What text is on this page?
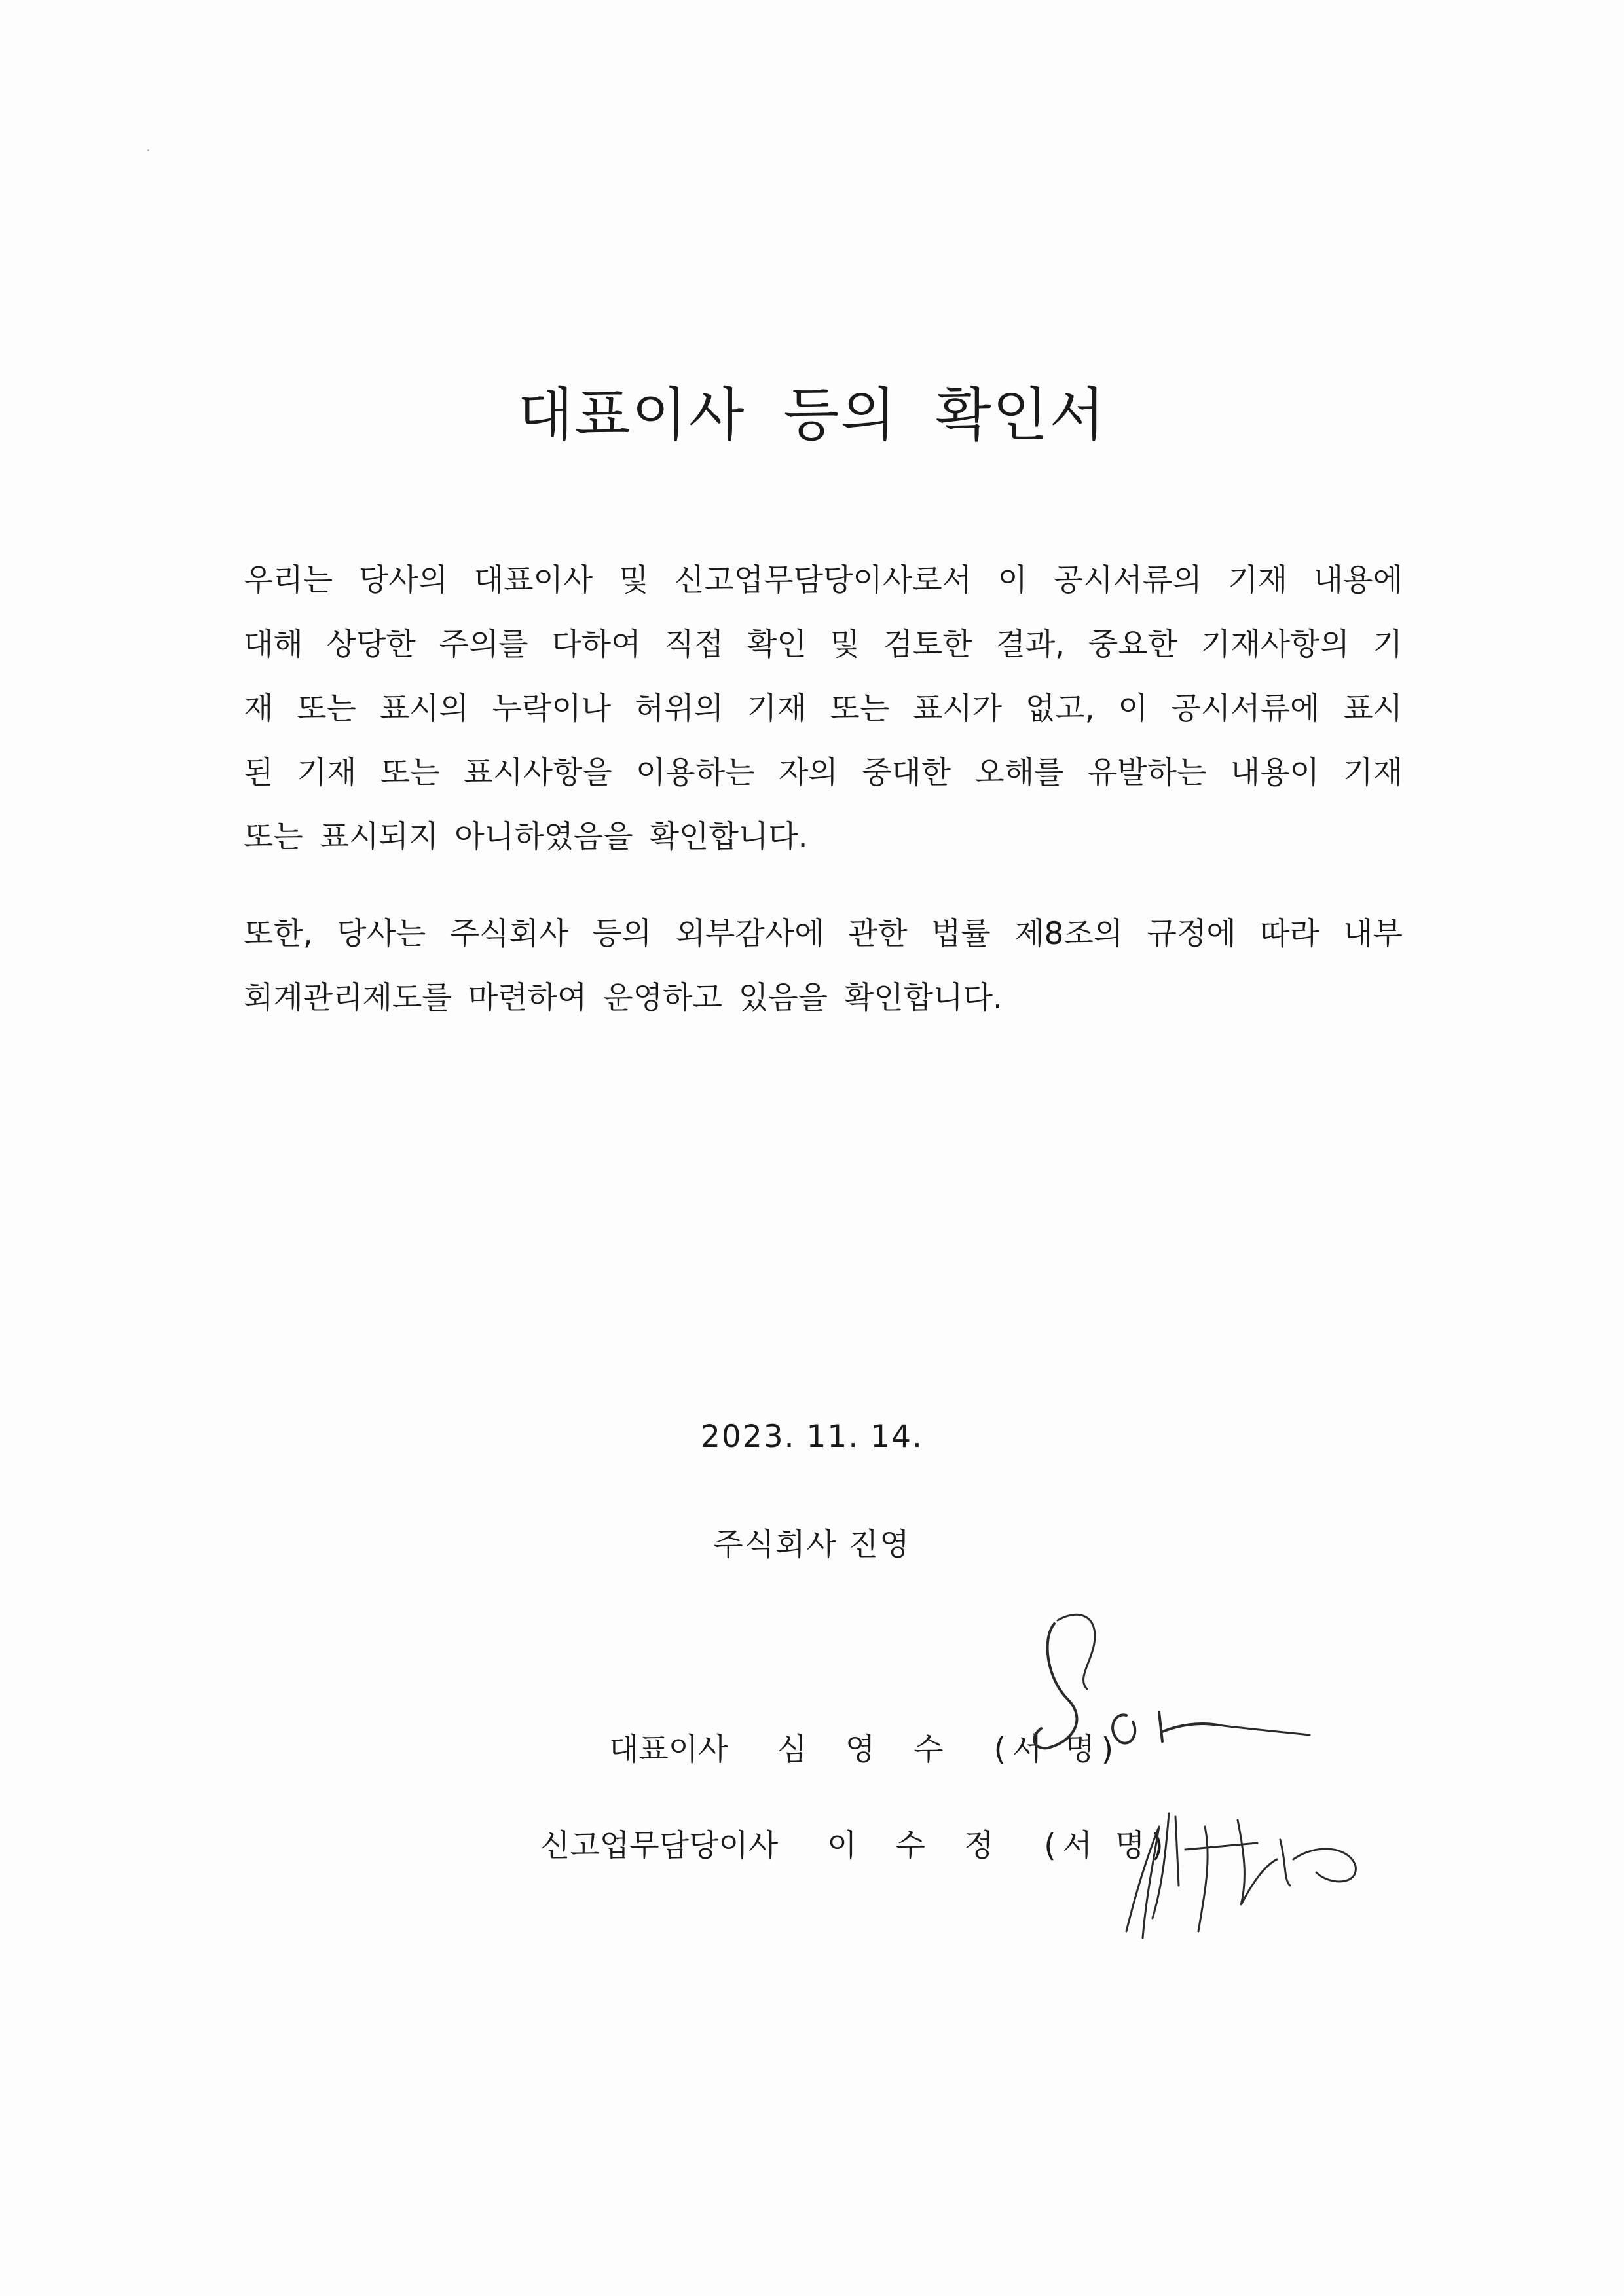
대표이사 등의 확인서
우리는 당사의 대표이사 및 신고업무담당이사로서 이 공시서류의 기재 내용에
대해 상당한 주의를 다하여 직접 확인 및 검토한 결과, 중요한 기재사항의 기
재 또는 표시의 누락이나 허위의 기재 또는 표시가 없고, 이 공시서류에 표시
된 기재 또는 표시사항을 이용하는 자의 중대한 오해를 유발하는 내용이 기재
또는 표시되지 아니하였음을 확인합니다.
또한, 당사는 주식회사 등의 외부감사에 관한 법률 제8조의 규정에 따라 내부
회계관리제도를 마련하여 운영하고 있음을 확인합니다.
2023. 11. 14.
주식회사 진영
대표이사 심 영 수 (서 명)
신고업무담당이사 이 수 정 (서 명)
